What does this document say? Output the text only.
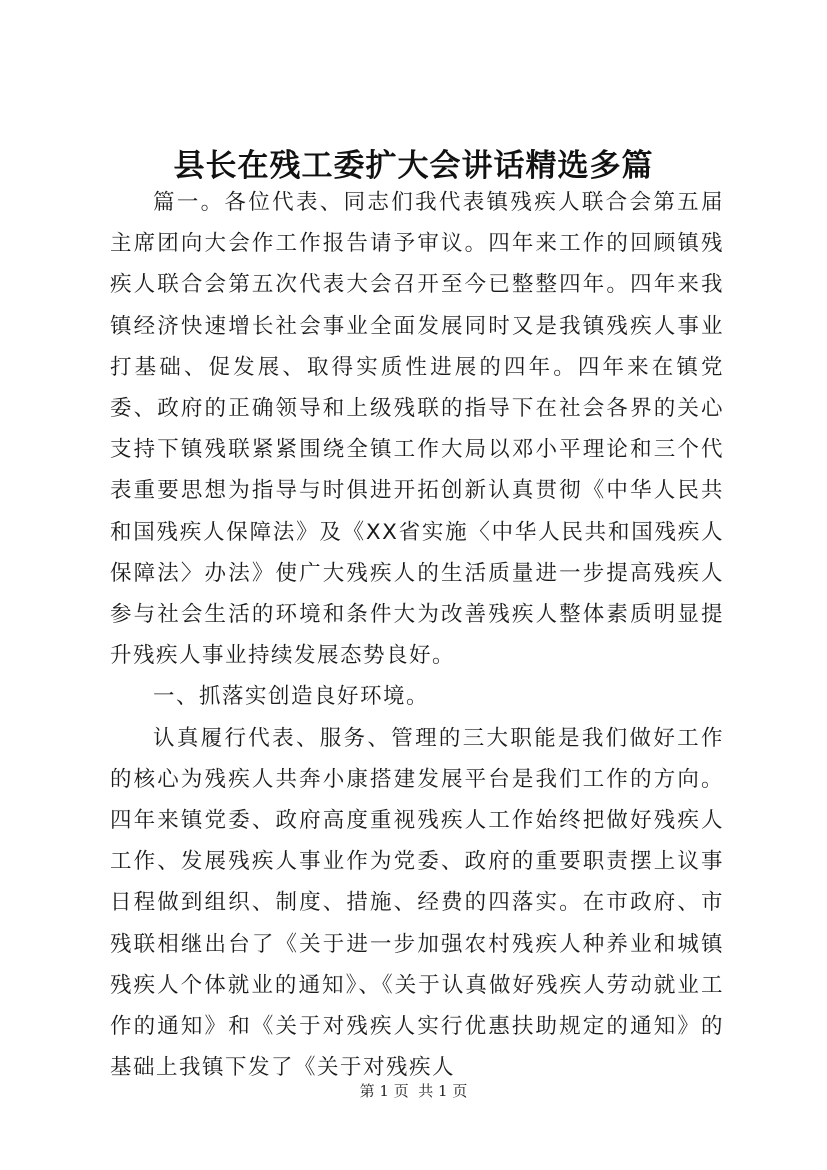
县长在残工委扩大会讲话精选多篇

篇一。各位代表、同志们我代表镇残疾人联合会第五届主席团向大会作工作报告请予审议。四年来工作的回顾镇残疾人联合会第五次代表大会召开至今已整整四年。四年来我镇经济快速增长社会事业全面发展同时又是我镇残疾人事业打基础、促发展、取得实质性进展的四年。四年来在镇党委、政府的正确领导和上级残联的指导下在社会各界的关心支持下镇残联紧紧围绕全镇工作大局以邓小平理论和三个代表重要思想为指导与时俱进开拓创新认真贯彻《中华人民共和国残疾人保障法》及《XX省实施〈中华人民共和国残疾人保障法〉办法》使广大残疾人的生活质量进一步提高残疾人参与社会生活的环境和条件大为改善残疾人整体素质明显提升残疾人事业持续发展态势良好。

一、抓落实创造良好环境。

认真履行代表、服务、管理的三大职能是我们做好工作的核心为残疾人共奔小康搭建发展平台是我们工作的方向。四年来镇党委、政府高度重视残疾人工作始终把做好残疾人工作、发展残疾人事业作为党委、政府的重要职责摆上议事日程做到组织、制度、措施、经费的四落实。在市政府、市残联相继出台了《关于进一步加强农村残疾人种养业和城镇残疾人个体就业的通知》、《关于认真做好残疾人劳动就业工作的通知》和《关于对残疾人实行优惠扶助规定的通知》的基础上我镇下发了《关于对残疾人

第 1 页  共 1 页
